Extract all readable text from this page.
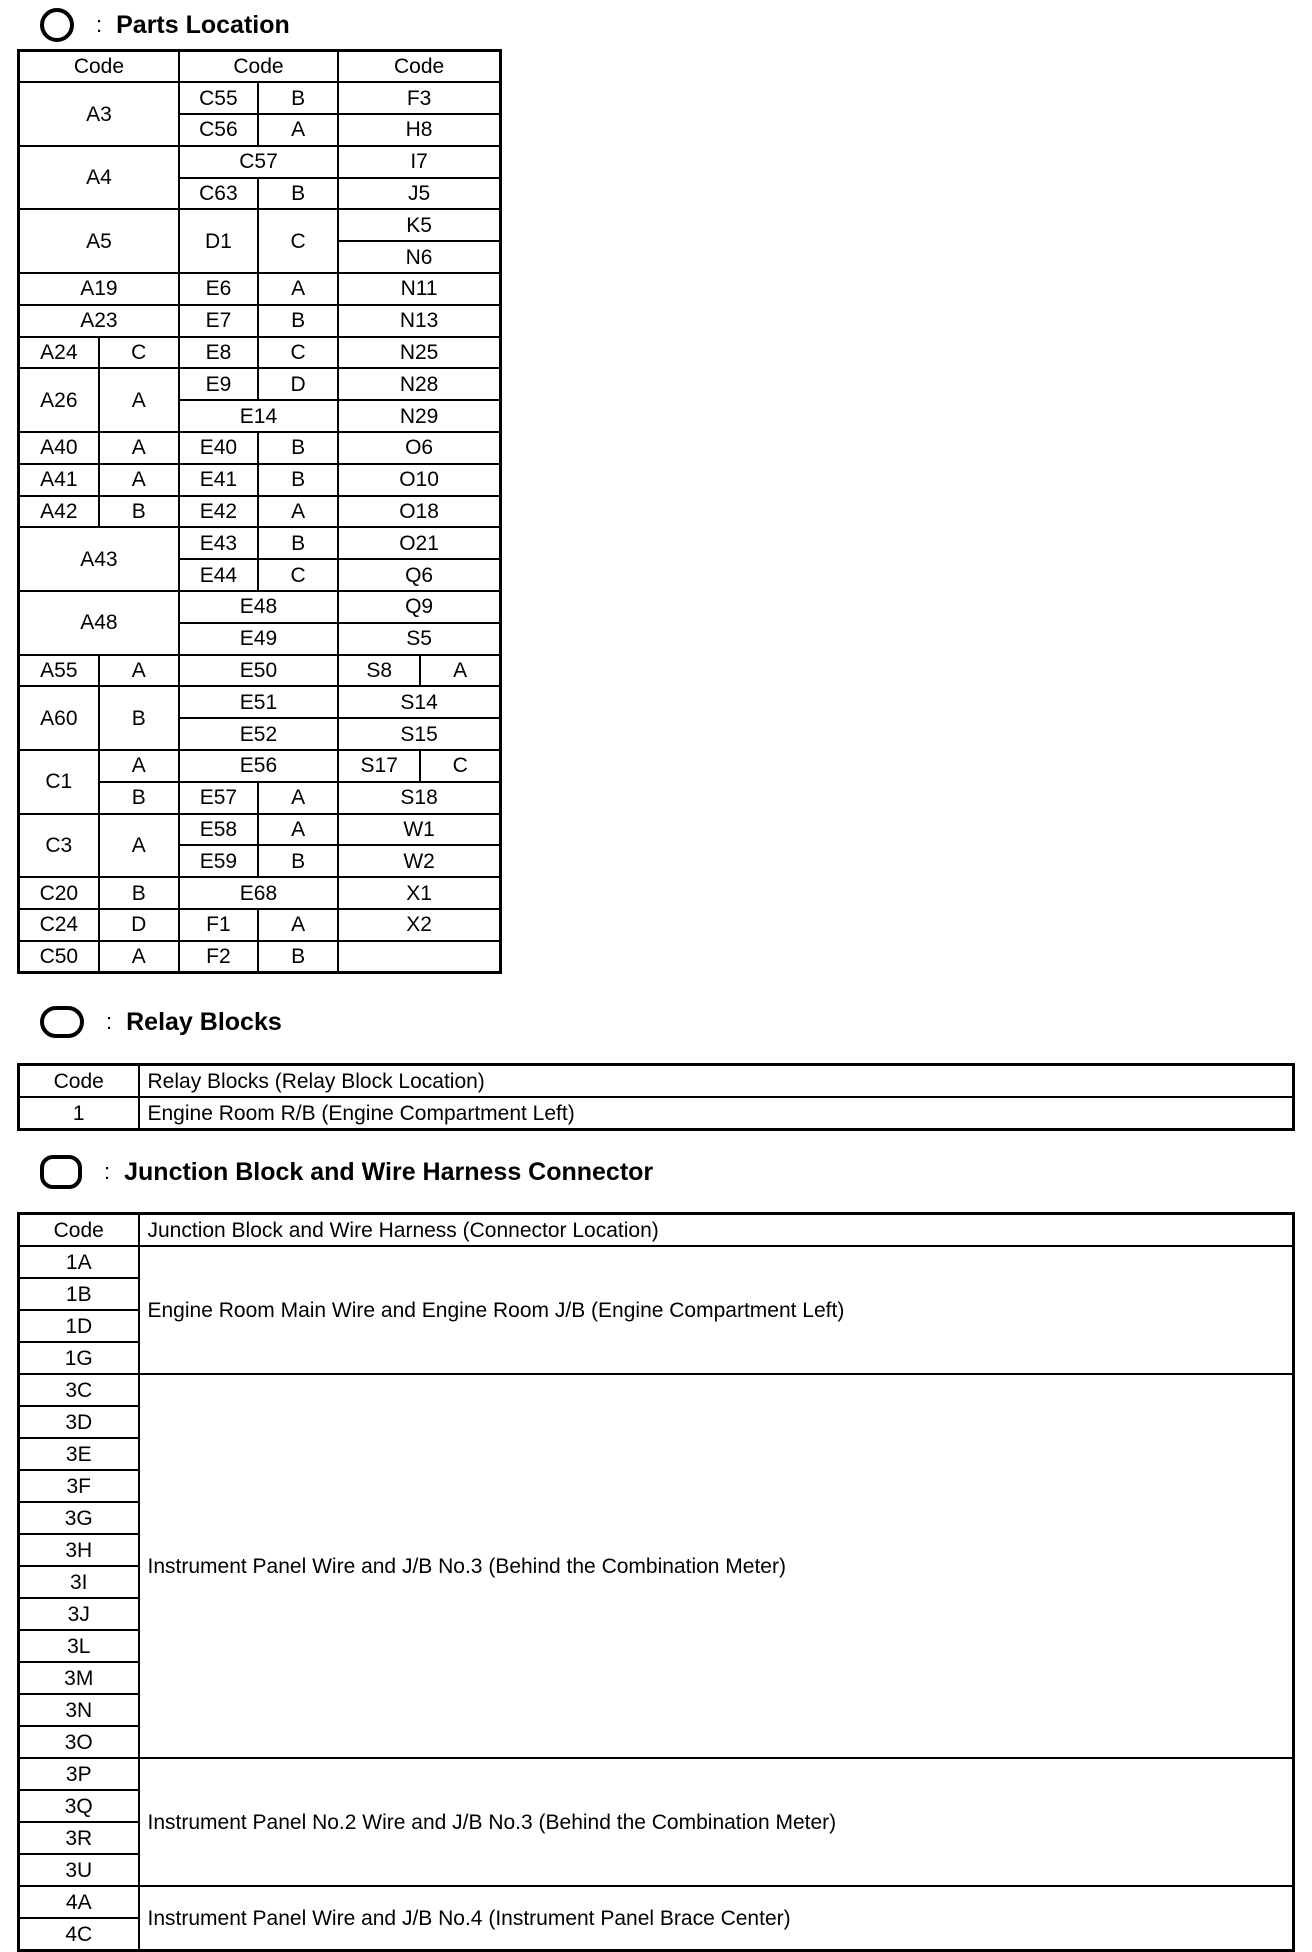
: Parts Location
Code		Code		Code	
A3		C55	B	F3	
		C56	A	H8	
A4		C57		I7	
		C63	B	J5	
A5		D1	C	K5	
				N6	
A19		E6	A	N11	
A23		E7	B	N13	
A24	C	E8	C	N25	
A26	A	E9	D	N28	
		E14		N29	
A40	A	E40	B	O6	
A41	A	E41	B	O10	
A42	B	E42	A	O18	
A43		E43	B	O21	
		E44	C	Q6	
A48		E48		Q9	
		E49		S5	
A55	A	E50		S8	A
A60	B	E51		S14	
		E52		S15	
C1	A	E56		S17	C
	B	E57	A	S18	
C3	A	E58	A	W1	
		E59	B	W2	
C20	B	E68		X1	
C24	D	F1	A	X2	
C50	A	F2	B		
: Relay Blocks
Code	Relay Blocks (Relay Block Location)
1	Engine Room R/B (Engine Compartment Left)
: Junction Block and Wire Harness Connector
Code	Junction Block and Wire Harness (Connector Location)
1A	Engine Room Main Wire and Engine Room J/B (Engine Compartment Left)
1B	
1D	
1G	
3C	Instrument Panel Wire and J/B No.3 (Behind the Combination Meter)
3D	
3E	
3F	
3G	
3H	
3I	
3J	
3L	
3M	
3N	
3O	
3P	Instrument Panel No.2 Wire and J/B No.3 (Behind the Combination Meter)
3Q	
3R	
3U	
4A	Instrument Panel Wire and J/B No.4 (Instrument Panel Brace Center)
4C	
